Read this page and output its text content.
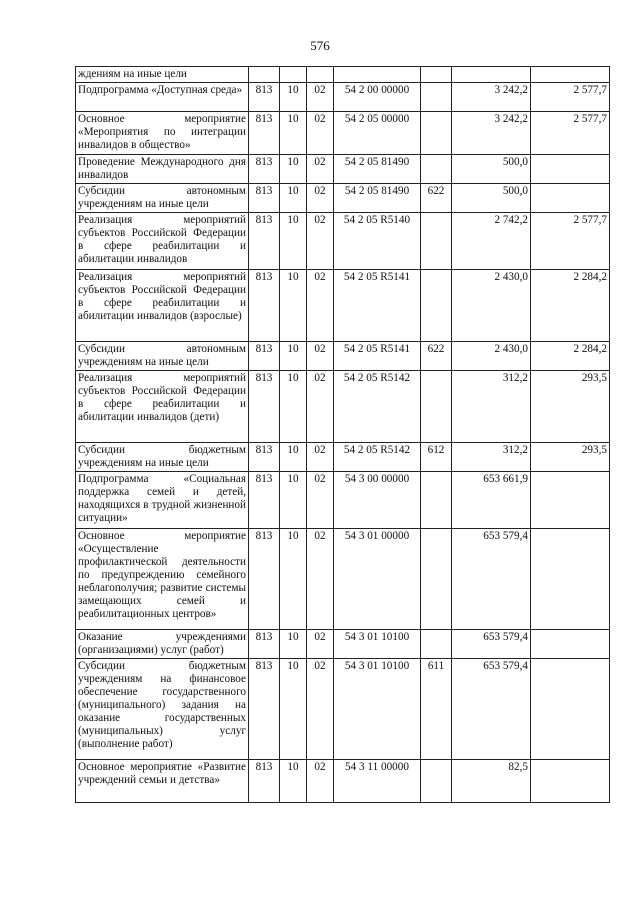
576
ждениям на иные цели							
Подпрограмма «Доступная среда»	813	10	02	54 2 00 00000		3 242,2	2 577,7
Основное мероприятие «Мероприятия по интеграции инвалидов в общество»	813	10	02	54 2 05 00000		3 242,2	2 577,7
Проведение Международного дня инвалидов	813	10	02	54 2 05 81490		500,0	
Субсидии автономным учреждениям на иные цели	813	10	02	54 2 05 81490	622	500,0	
Реализация мероприятий субъектов Российской Федерации в сфере реабилитации и абилитации инвалидов	813	10	02	54 2 05 R5140		2 742,2	2 577,7
Реализация мероприятий субъектов Российской Федерации в сфере реабилитации и абилитации инвалидов (взрослые)	813	10	02	54 2 05 R5141		2 430,0	2 284,2
Субсидии автономным учреждениям на иные цели	813	10	02	54 2 05 R5141	622	2 430,0	2 284,2
Реализация мероприятий субъектов Российской Федерации в сфере реабилитации и абилитации инвалидов (дети)	813	10	02	54 2 05 R5142		312,2	293,5
Субсидии бюджетным учреждениям на иные цели	813	10	02	54 2 05 R5142	612	312,2	293,5
Подпрограмма «Социальная поддержка семей и детей, находящихся в трудной жизненной ситуации»	813	10	02	54 3 00 00000		653 661,9	
Основное мероприятие «Осуществление профилактической деятельности по предупреждению семейного неблагополучия; развитие системы замещающих семей и реабилитационных центров»	813	10	02	54 3 01 00000		653 579,4	
Оказание учреждениями (организациями) услуг (работ)	813	10	02	54 3 01 10100		653 579,4	
Субсидии бюджетным учреждениям на финансовое обеспечение государственного (муниципального) задания на оказание государственных (муниципальных) услуг (выполнение работ)	813	10	02	54 3 01 10100	611	653 579,4	
Основное мероприятие «Развитие учреждений семьи и детства»	813	10	02	54 3 11 00000		82,5	
